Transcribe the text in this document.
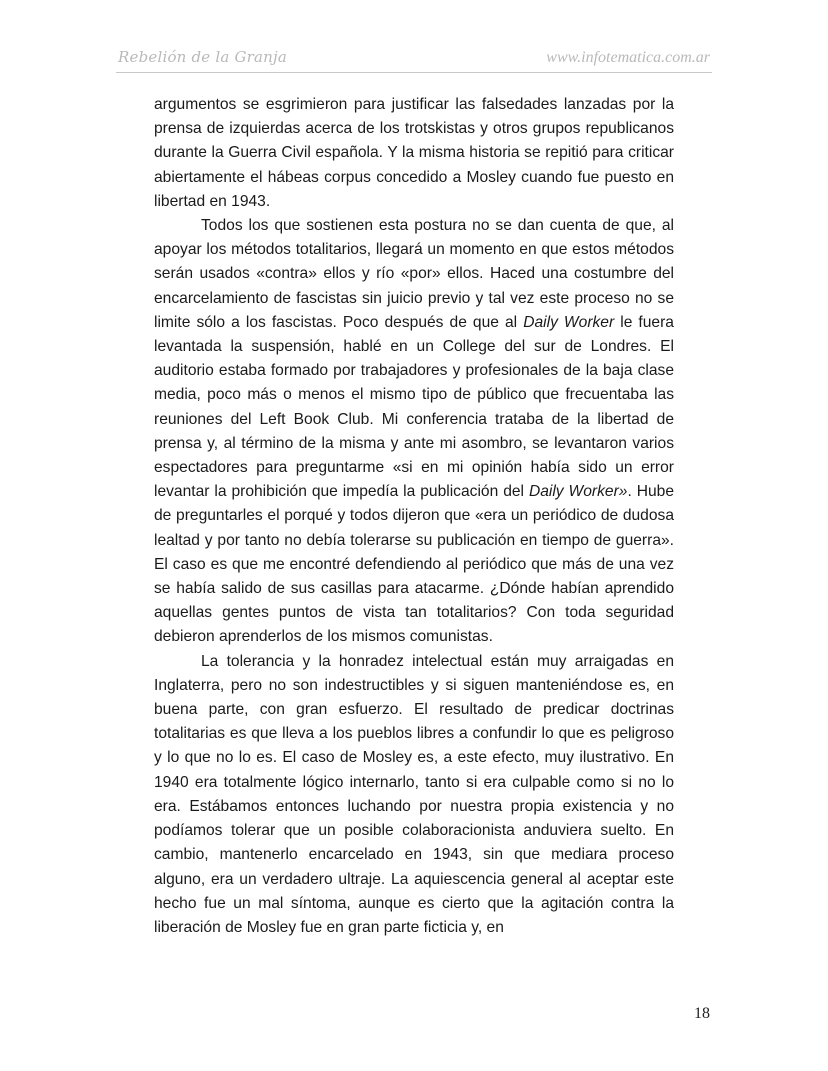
Rebelión de la Granja	www.infotematica.com.ar

argumentos se esgrimieron para justificar las falsedades lanzadas por la prensa de izquierdas acerca de los trotskistas y otros grupos republicanos durante la Guerra Civil española. Y la misma historia se repitió para criticar abiertamente el hábeas corpus concedido a Mosley cuando fue puesto en libertad en 1943.

Todos los que sostienen esta postura no se dan cuenta de que, al apoyar los métodos totalitarios, llegará un momento en que estos métodos serán usados «contra» ellos y río «por» ellos. Haced una costumbre del encarcelamiento de fascistas sin juicio previo y tal vez este proceso no se limite sólo a los fascistas. Poco después de que al Daily Worker le fuera levantada la suspensión, hablé en un College del sur de Londres. El auditorio estaba formado por trabajadores y profesionales de la baja clase media, poco más o menos el mismo tipo de público que frecuentaba las reuniones del Left Book Club. Mi conferencia trataba de la libertad de prensa y, al término de la misma y ante mi asombro, se levantaron varios espectadores para preguntarme «si en mi opinión había sido un error levantar la prohibición que impedía la publicación del Daily Worker». Hube de preguntarles el porqué y todos dijeron que «era un periódico de dudosa lealtad y por tanto no debía tolerarse su publicación en tiempo de guerra». El caso es que me encontré defendiendo al periódico que más de una vez se había salido de sus casillas para atacarme. ¿Dónde habían aprendido aquellas gentes puntos de vista tan totalitarios? Con toda seguridad debieron aprenderlos de los mismos comunistas.

La tolerancia y la honradez intelectual están muy arraigadas en Inglaterra, pero no son indestructibles y si siguen manteniéndose es, en buena parte, con gran esfuerzo. El resultado de predicar doctrinas totalitarias es que lleva a los pueblos libres a confundir lo que es peligroso y lo que no lo es. El caso de Mosley es, a este efecto, muy ilustrativo. En 1940 era totalmente lógico internarlo, tanto si era culpable como si no lo era. Estábamos entonces luchando por nuestra propia existencia y no podíamos tolerar que un posible colaboracionista anduviera suelto. En cambio, mantenerlo encarcelado en 1943, sin que mediara proceso alguno, era un verdadero ultraje. La aquiescencia general al aceptar este hecho fue un mal síntoma, aunque es cierto que la agitación contra la liberación de Mosley fue en gran parte ficticia y, en

18
